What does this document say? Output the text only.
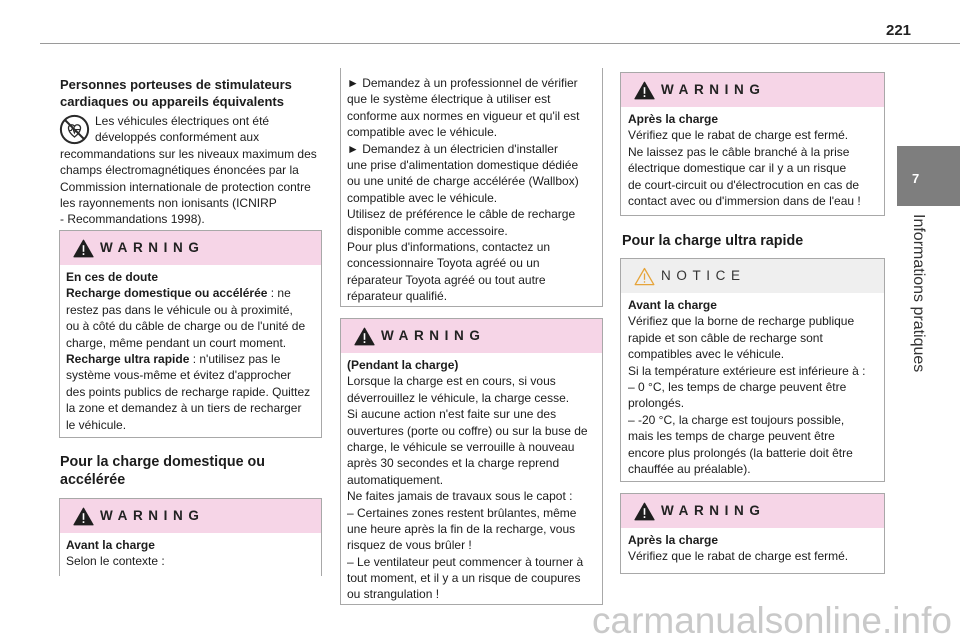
221
7
Informations pratiques
Personnes porteuses de stimulateurs
cardiaques ou appareils équivalents
Les véhicules électriques ont été
développés conformément aux
recommandations sur les niveaux maximum des
champs électromagnétiques énoncées par la
Commission internationale de protection contre
les rayonnements non ionisants (ICNIRP
- Recommandations 1998).
WARNING
En ces de doute
Recharge domestique ou accélérée : ne
restez pas dans le véhicule ou à proximité,
ou à côté du câble de charge ou de l'unité de
charge, même pendant un court moment.
Recharge ultra rapide : n'utilisez pas le
système vous-même et évitez d'approcher
des points publics de recharge rapide. Quittez
la zone et demandez à un tiers de recharger
le véhicule.
Pour la charge domestique ou
accélérée
WARNING
Avant la charge
Selon le contexte :
► Demandez à un professionnel de vérifier
que le système électrique à utiliser est
conforme aux normes en vigueur et qu'il est
compatible avec le véhicule.
► Demandez à un électricien d'installer
une prise d'alimentation domestique dédiée
ou une unité de charge accélérée (Wallbox)
compatible avec le véhicule.
Utilisez de préférence le câble de recharge
disponible comme accessoire.
Pour plus d'informations, contactez un
concessionnaire Toyota agréé ou un
réparateur Toyota agréé ou tout autre
réparateur qualifié.
WARNING
(Pendant la charge)
Lorsque la charge est en cours, si vous
déverrouillez le véhicule, la charge cesse.
Si aucune action n'est faite sur une des
ouvertures (porte ou coffre) ou sur la buse de
charge, le véhicule se verrouille à nouveau
après 30 secondes et la charge reprend
automatiquement.
Ne faites jamais de travaux sous le capot :
– Certaines zones restent brûlantes, même
une heure après la fin de la recharge, vous
risquez de vous brûler !
– Le ventilateur peut commencer à tourner à
tout moment, et il y a un risque de coupures
ou strangulation !
WARNING
Après la charge
Vérifiez que le rabat de charge est fermé.
Ne laissez pas le câble branché à la prise
électrique domestique car il y a un risque
de court-circuit ou d'électrocution en cas de
contact avec ou d'immersion dans de l'eau !
Pour la charge ultra rapide
NOTICE
Avant la charge
Vérifiez que la borne de recharge publique
rapide et son câble de recharge sont
compatibles avec le véhicule.
Si la température extérieure est inférieure à :
– 0 °C, les temps de charge peuvent être
prolongés.
– -20 °C, la charge est toujours possible,
mais les temps de charge peuvent être
encore plus prolongés (la batterie doit être
chauffée au préalable).
WARNING
Après la charge
Vérifiez que le rabat de charge est fermé.
carmanualsonline.info
